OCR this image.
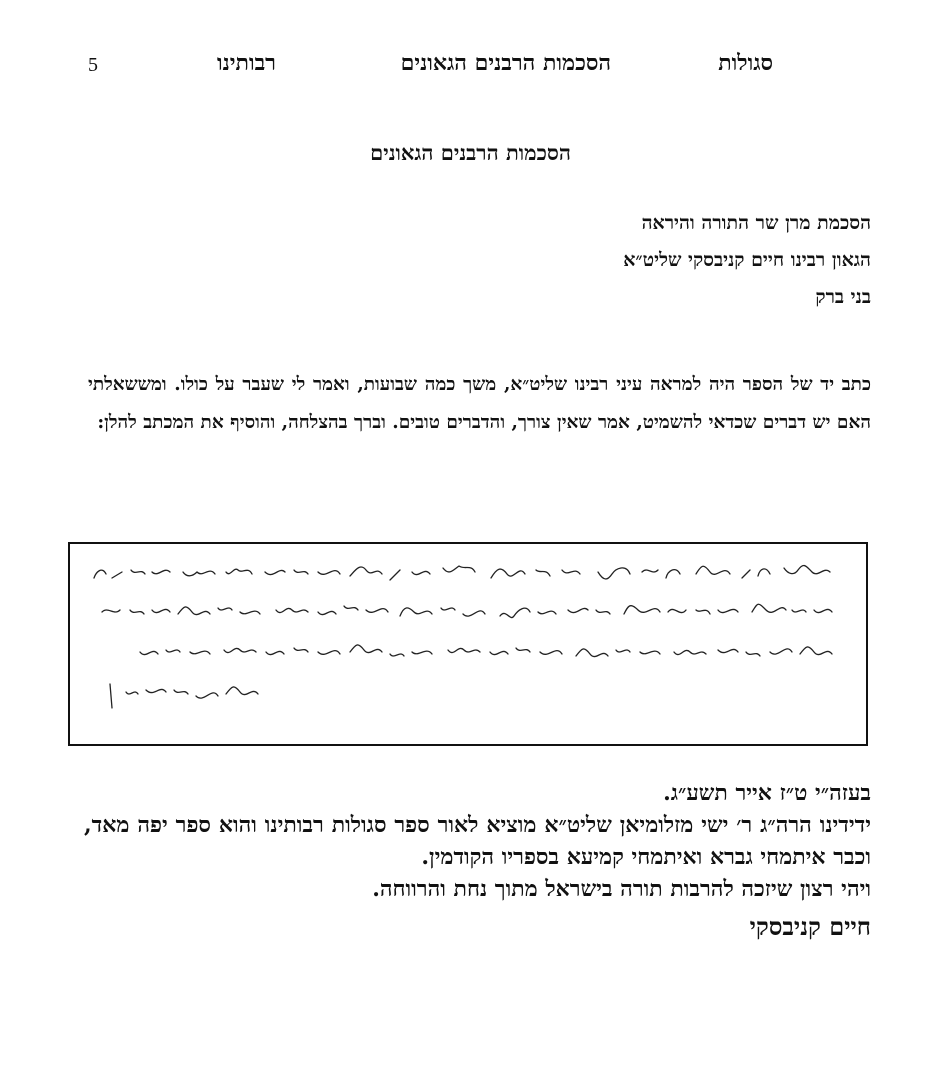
5	סגולות
הסכמות הרבנים הגאונים
רבותינו
הסכמות הרבנים הגאונים
הסכמת מרן שר התורה והיראה
הגאון רבינו חיים קניבסקי שליט״א
בני ברק
כתב יד של הספר היה למראה עיני רבינו שליט״א, משך כמה שבועות, ואמר לי שעבר על כולו. ומששאלתי האם יש דברים שכדאי להשמיט, אמר שאין צורך, והדברים טובים. וברך בהצלחה, והוסיף את המכתב להלן:
בעזה״י ט״ז אייר תשע״ג.
ידידינו הרה״ג ר׳ ישי מזלומיאן שליט״א מוציא לאור ספר סגולות רבותינו והוא ספר יפה מאד, וכבר איתמחי גברא ואיתמחי קמיעא בספריו הקודמין.
ויהי רצון שיזכה להרבות תורה בישראל מתוך נחת והרווחה.
חיים קניבסקי
